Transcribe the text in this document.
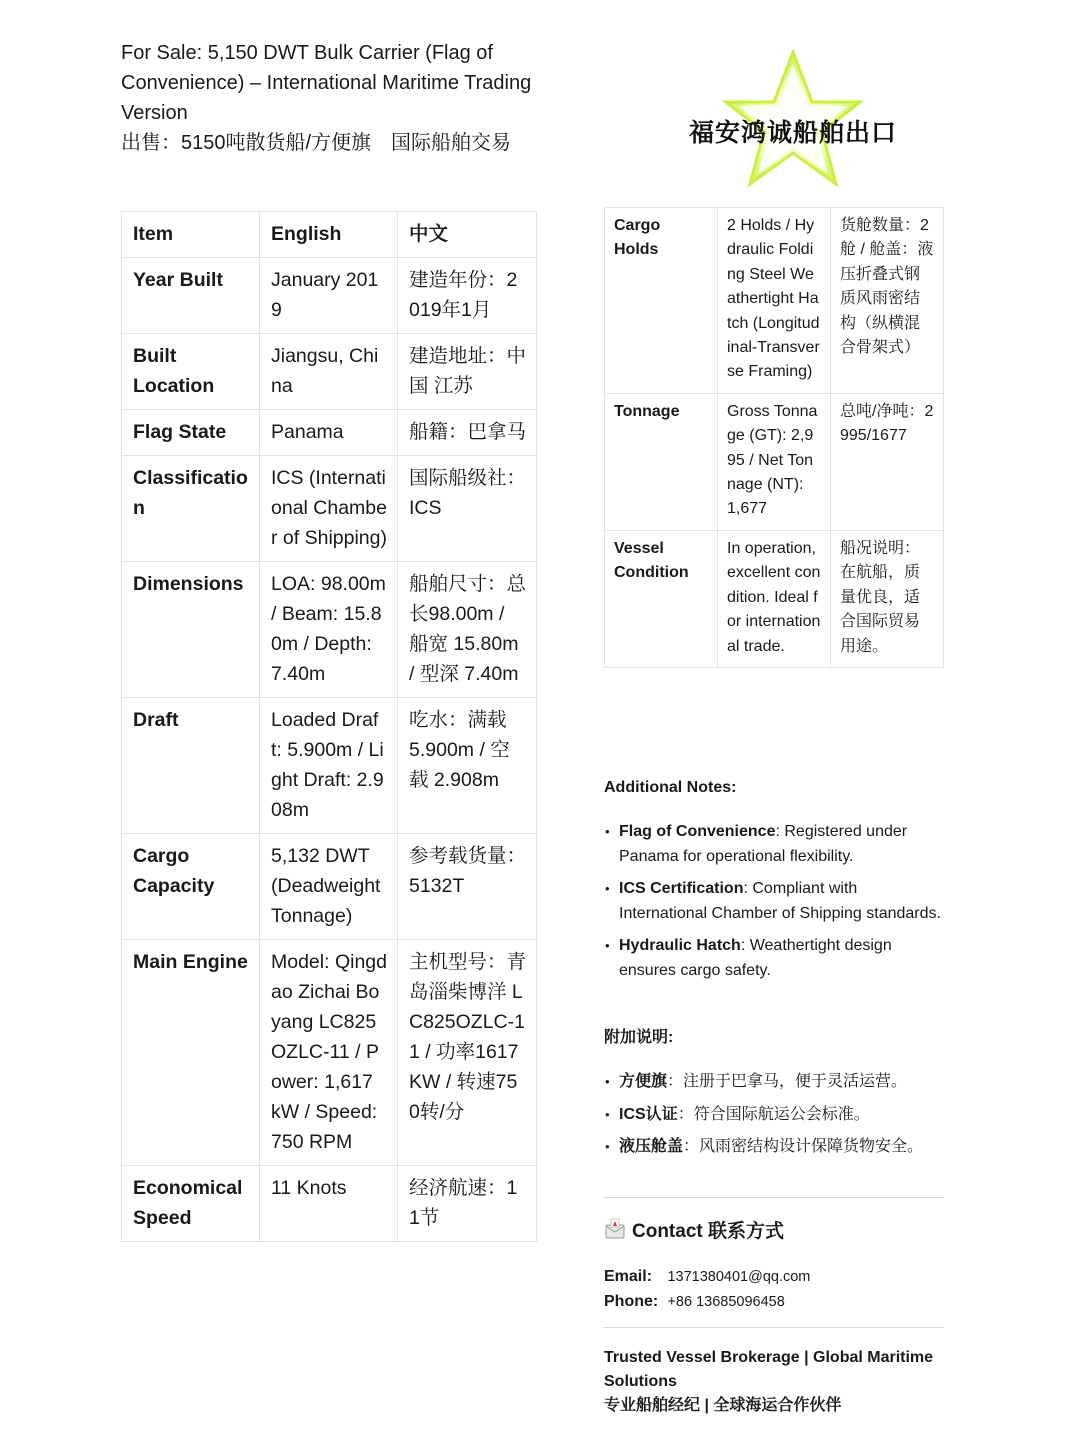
For Sale: 5,150 DWT Bulk Carrier (Flag of Convenience) – International Maritime Trading Version
出售：5150吨散货船/方便旗　国际船舶交易	福安鸿诚船舶出口
Item	English	中文
Year Built	January 2019	建造年份：2019年1月
Built Location	Jiangsu, China	建造地址：中国 江苏
Flag State	Panama	船籍：巴拿马
Classification	ICS (International Chamber of Shipping)	国际船级社：ICS
Dimensions	LOA: 98.00m / Beam: 15.80m / Depth: 7.40m	船舶尺寸：总长98.00m / 船宽 15.80m / 型深 7.40m
Draft	Loaded Draft: 5.900m / Light Draft: 2.908m	吃水：满载 5.900m / 空载 2.908m
Cargo Capacity	5,132 DWT (Deadweight Tonnage)	参考载货量：5132T
Main Engine	Model: Qingdao Zichai Boyang LC825OZLC-11 / Power: 1,617 kW / Speed: 750 RPM	主机型号：青岛淄柴博洋 LC825OZLC-11 / 功率1617KW / 转速750转/分
Economical Speed	11 Knots	经济航速：11节
Cargo Holds	2 Holds / Hydraulic Folding Steel Weathertight Hatch (Longitudinal-Transverse Framing)	货舱数量：2舱 / 舱盖：液压折叠式钢质风雨密结构（纵横混合骨架式）
Tonnage	Gross Tonnage (GT): 2,995 / Net Tonnage (NT): 1,677	总吨/净吨：2995/1677
Vessel Condition	In operation, excellent condition. Ideal for international trade.	船况说明：在航船，质量优良，适合国际贸易用途。
Additional Notes:
• Flag of Convenience: Registered under Panama for operational flexibility.
• ICS Certification: Compliant with International Chamber of Shipping standards.
• Hydraulic Hatch: Weathertight design ensures cargo safety.
附加说明:
• 方便旗：注册于巴拿马，便于灵活运营。
• ICS认证：符合国际航运公会标准。
• 液压舱盖：风雨密结构设计保障货物安全。
Contact 联系方式
Email: 1371380401@qq.com
Phone: +86 13685096458
Trusted Vessel Brokerage | Global Maritime Solutions
专业船舶经纪 | 全球海运合作伙伴
